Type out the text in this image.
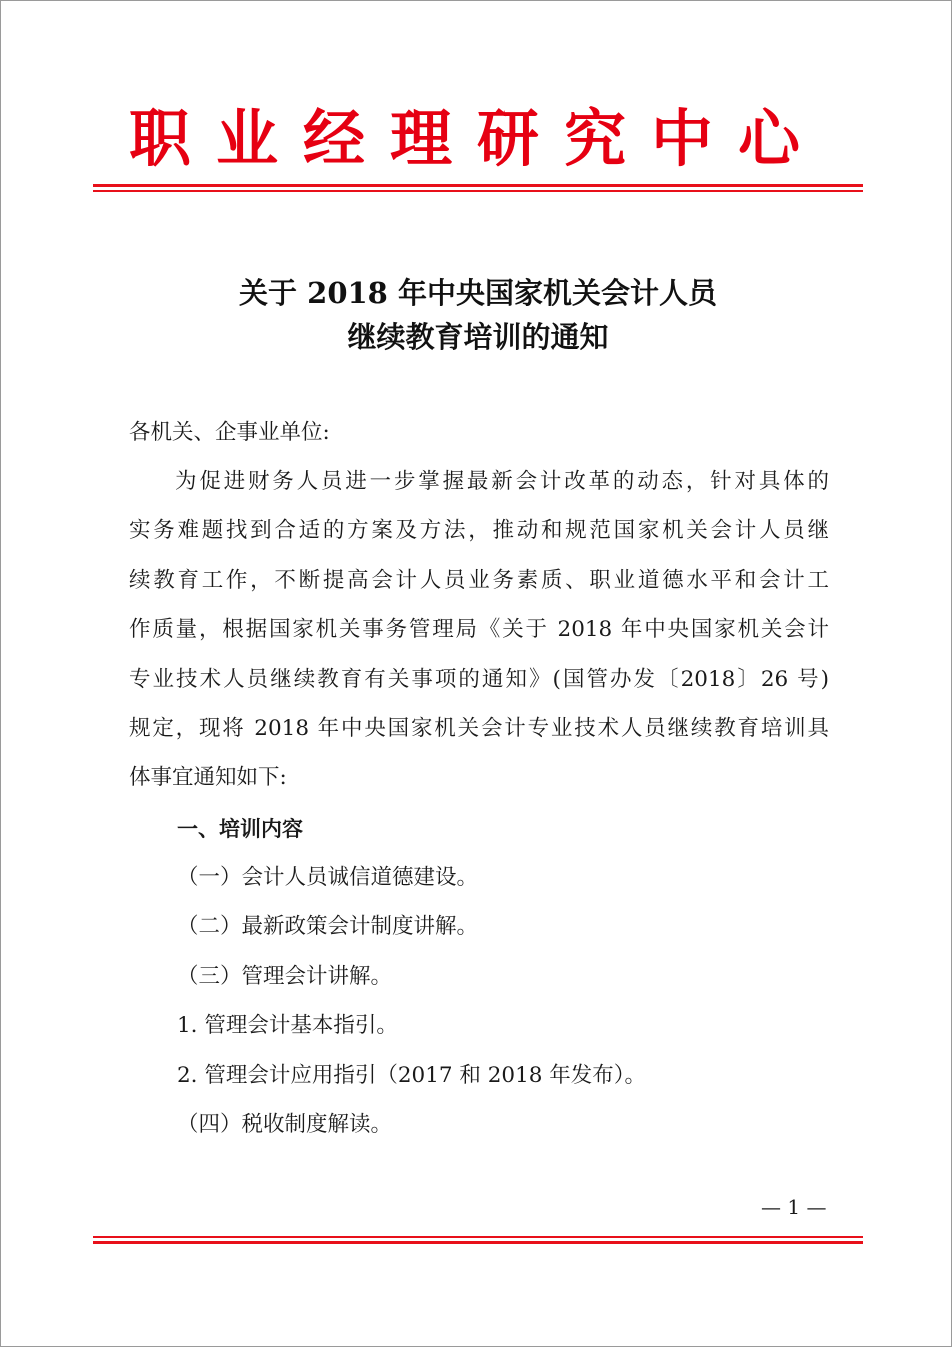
职业经理研究中心
关于 2018 年中央国家机关会计人员
继续教育培训的通知
各机关、企事业单位:
为促进财务人员进一步掌握最新会计改革的动态，针对具体的
实务难题找到合适的方案及方法，推动和规范国家机关会计人员继
续教育工作，不断提高会计人员业务素质、职业道德水平和会计工
作质量，根据国家机关事务管理局《关于 2018 年中央国家机关会计
专业技术人员继续教育有关事项的通知》(国管办发〔2018〕26 号)
规定，现将 2018 年中央国家机关会计专业技术人员继续教育培训具
体事宜通知如下:
一、培训内容
（一）会计人员诚信道德建设。
（二）最新政策会计制度讲解。
（三）管理会计讲解。
1. 管理会计基本指引。
2. 管理会计应用指引（2017 和 2018 年发布）。
（四）税收制度解读。
— 1 —
